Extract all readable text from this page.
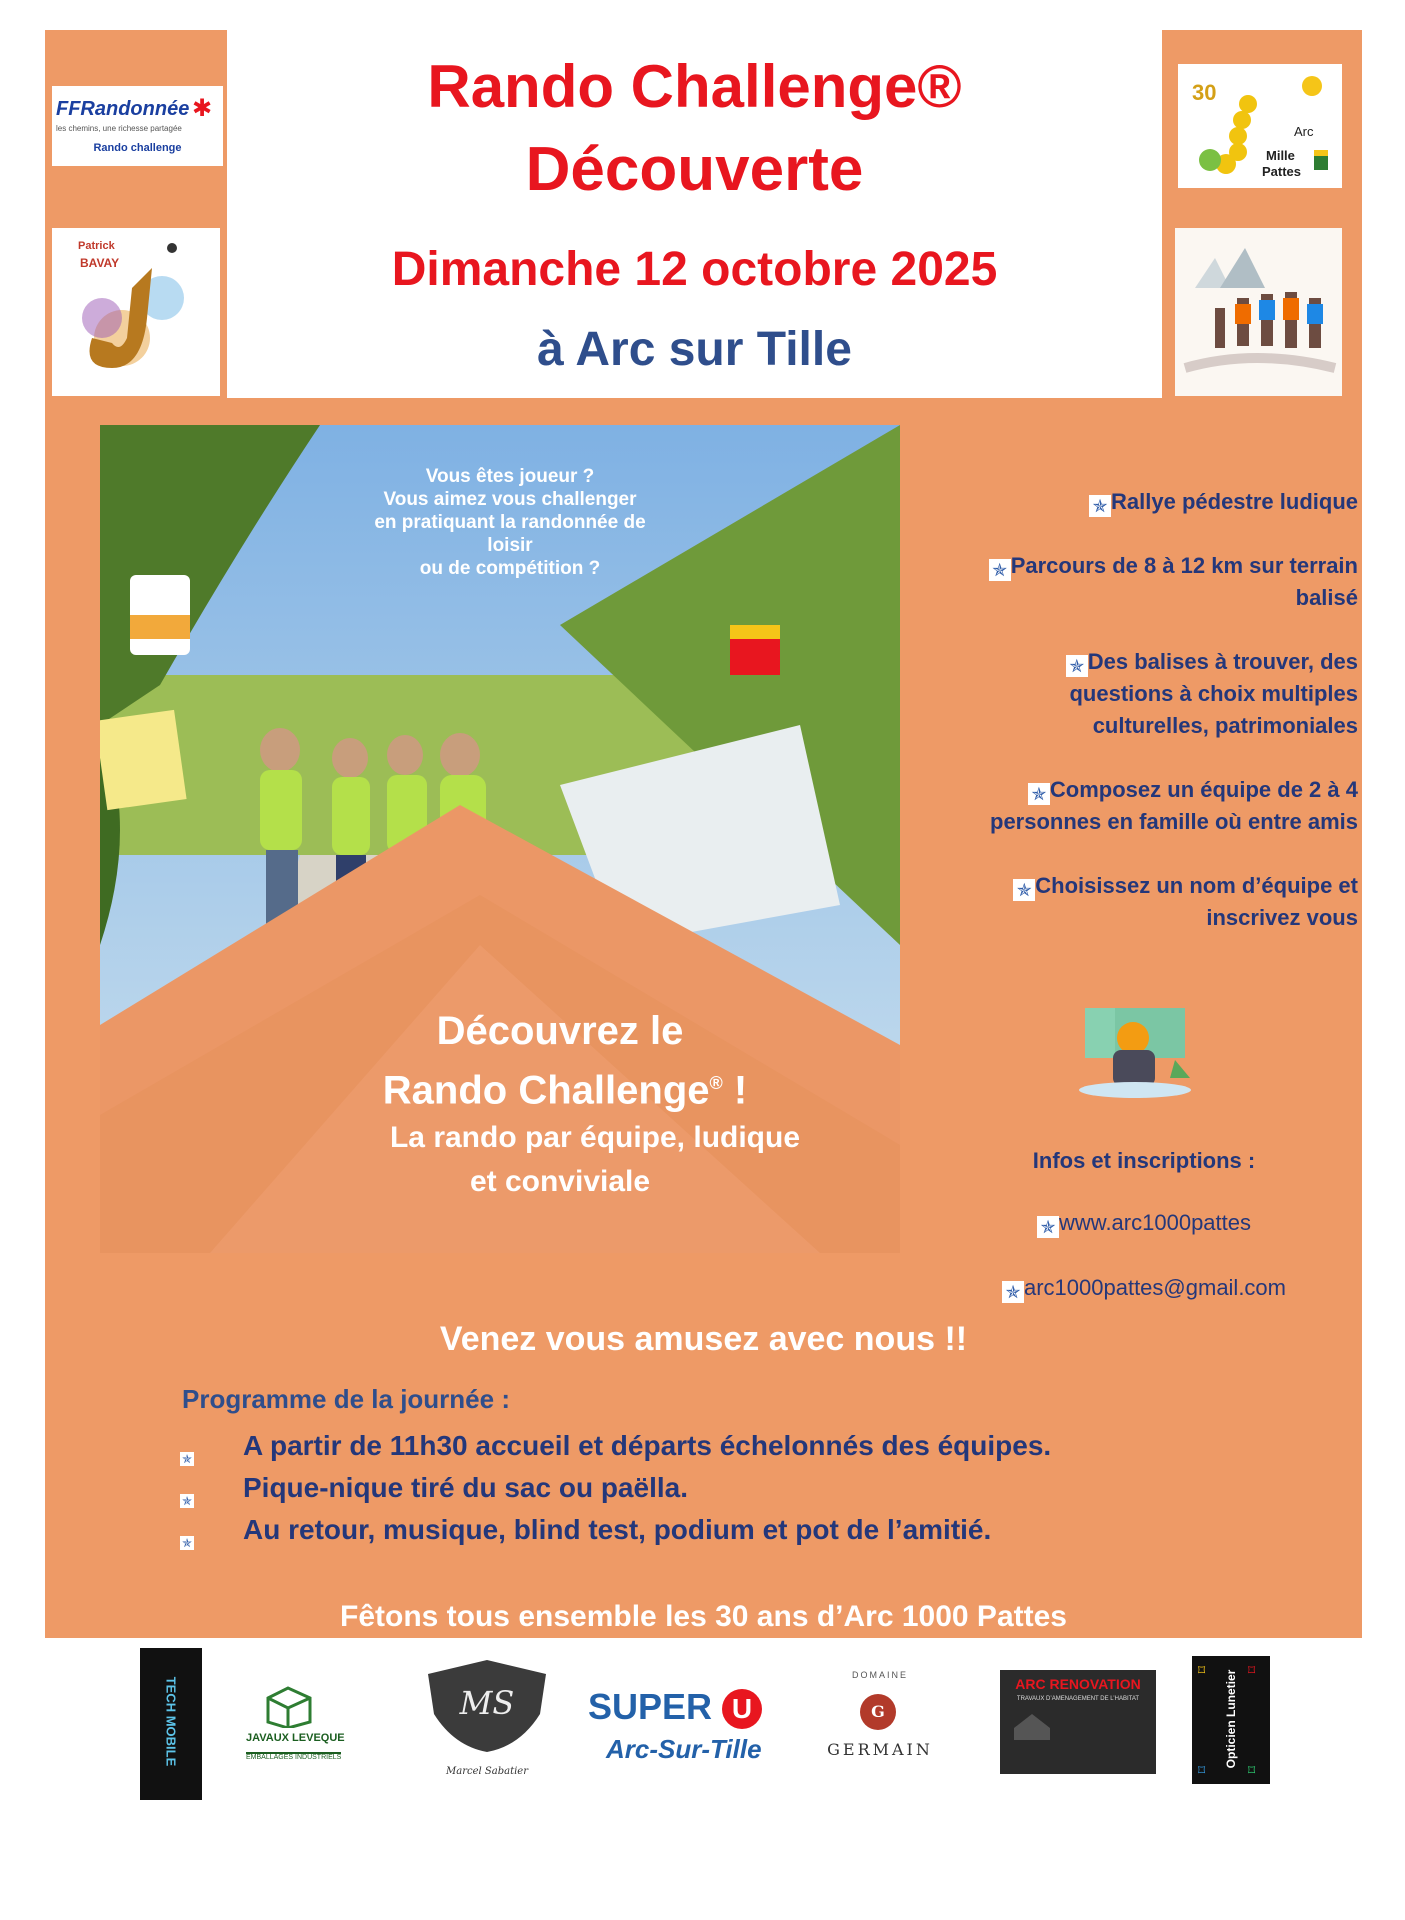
FFRandonnée ✱
les chemins, une richesse partagée
Rando challenge
Patrick
BAVAY
30
Arc
Mille
Pattes
Rando Challenge®
Découverte
Dimanche 12 octobre 2025
à Arc sur Tille
Vous êtes joueur ?
Vous aimez vous challenger
en pratiquant la randonnée de loisir
ou de compétition ?
Découvrez le
Rando Challenge® !
La rando par équipe, ludique
et conviviale
✯ Rallye pédestre ludique
✯ Parcours de 8 à 12 km sur terrain balisé
✯ Des balises à trouver, des questions à choix multiples culturelles, patrimoniales
✯ Composez un équipe de 2 à 4 personnes en famille où entre amis
✯ Choisissez un nom d’équipe et inscrivez vous
Infos et inscriptions :
✯ www.arc1000pattes
✯ arc1000pattes@gmail.com
Venez vous amusez avec nous !!
Programme de la journée :
✯ A partir de 11h30 accueil et départs échelonnés des équipes.
✯ Pique-nique tiré du sac ou paëlla.
✯ Au retour, musique, blind test, podium et pot de l’amitié.
Fêtons tous ensemble les 30 ans d’Arc 1000 Pattes
TECH MOBILE	JAVAUX LEVEQUE
EMBALLAGES INDUSTRIELS
MS
Marcel Sabatier
SUPER U
Arc-Sur-Tille
DOMAINE
G
GERMAIN
ARC RENOVATION
TRAVAUX D’AMENAGEMENT DE L’HABITAT	Opticien Lunetier
⌑	⌑
⌑	⌑
